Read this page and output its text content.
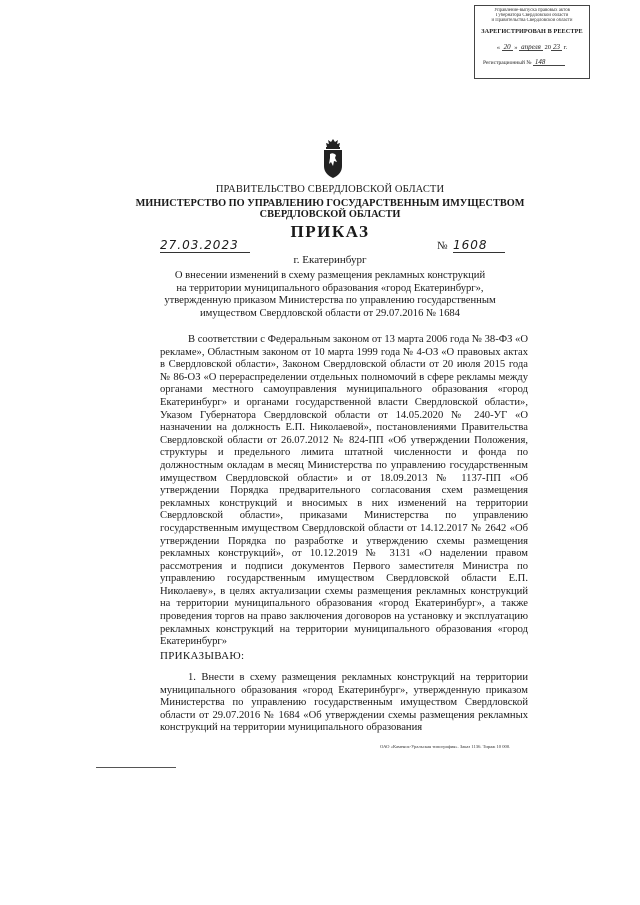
Управление-выпуска правовых актов
Губернатора Свердловской области
и Правительства Свердловской области
ЗАРЕГИСТРИРОВАН В РЕЕСТРЕ
« 20 » апреля 20 23 г.
Регистрационный № 148
ПРАВИТЕЛЬСТВО СВЕРДЛОВСКОЙ ОБЛАСТИ
МИНИСТЕРСТВО ПО УПРАВЛЕНИЮ ГОСУДАРСТВЕННЫМ ИМУЩЕСТВОМ
СВЕРДЛОВСКОЙ ОБЛАСТИ
ПРИКАЗ
27.03.2023	№ 1608
г. Екатеринбург
О внесении изменений в схему размещения рекламных конструкций
на территории муниципального образования «город Екатеринбург»,
утвержденную приказом Министерства по управлению государственным
имуществом Свердловской области от 29.07.2016 № 1684
В соответствии с Федеральным законом от 13 марта 2006 года № 38-ФЗ «О рекламе», Областным законом от 10 марта 1999 года № 4-ОЗ «О правовых актах в Свердловской области», Законом Свердловской области от 20 июля 2015 года № 86-ОЗ «О перераспределении отдельных полномочий в сфере рекламы между органами местного самоуправления муниципального образования «город Екатеринбург» и органами государственной власти Свердловской области», Указом Губернатора Свердловской области от 14.05.2020 № 240-УГ «О назначении на должность Е.П. Николаевой», постановлениями Правительства Свердловской области от 26.07.2012 № 824-ПП «Об утверждении Положения, структуры и предельного лимита штатной численности и фонда по должностным окладам в месяц Министерства по управлению государственным имуществом Свердловской области» и от 18.09.2013 № 1137-ПП «Об утверждении Порядка предварительного согласования схем размещения рекламных конструкций и вносимых в них изменений на территории Свердловской области», приказами Министерства по управлению государственным имуществом Свердловской области от 14.12.2017 № 2642 «Об утверждении Порядка по разработке и утверждению схемы размещения рекламных конструкций», от 10.12.2019 № 3131 «О наделении правом рассмотрения и подписи документов Первого заместителя Министра по управлению государственным имуществом Свердловской области Е.П. Николаеву», в целях актуализации схемы размещения рекламных конструкций на территории муниципального образования «город Екатеринбург», а также проведения торгов на право заключения договоров на установку и эксплуатацию рекламных конструкций на территории муниципального образования «город Екатеринбург»
ПРИКАЗЫВАЮ:
1. Внести в схему размещения рекламных конструкций на территории муниципального образования «город Екатеринбург», утвержденную приказом Министерства по управлению государственным имуществом Свердловской области от 29.07.2016 № 1684 «Об утверждении схемы размещения рекламных конструкций на территории муниципального образования
ОАО «Каменск-Уральская типография». Заказ 1136. Тираж 10 000.
